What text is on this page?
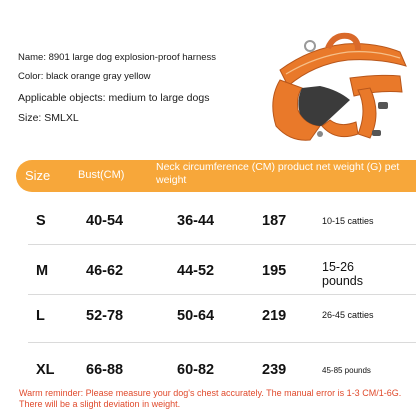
Name: 8901 large dog explosion-proof harness
Color: black orange gray yellow
Applicable objects: medium to large dogs
Size: SMLXL
Size	Bust(CM)
Neck circumference (CM) product net weight (G) pet weight
S	40-54	36-44	187	10-15 catties
M	46-62	44-52	195	15-26 pounds
L	52-78	50-64	219	26-45 catties
XL 66-88	60-82	239	45-85 pounds
Warm reminder: Please measure your dog's chest accurately. The manual error is 1-3 CM/1-6G. There will be a slight deviation in weight.
